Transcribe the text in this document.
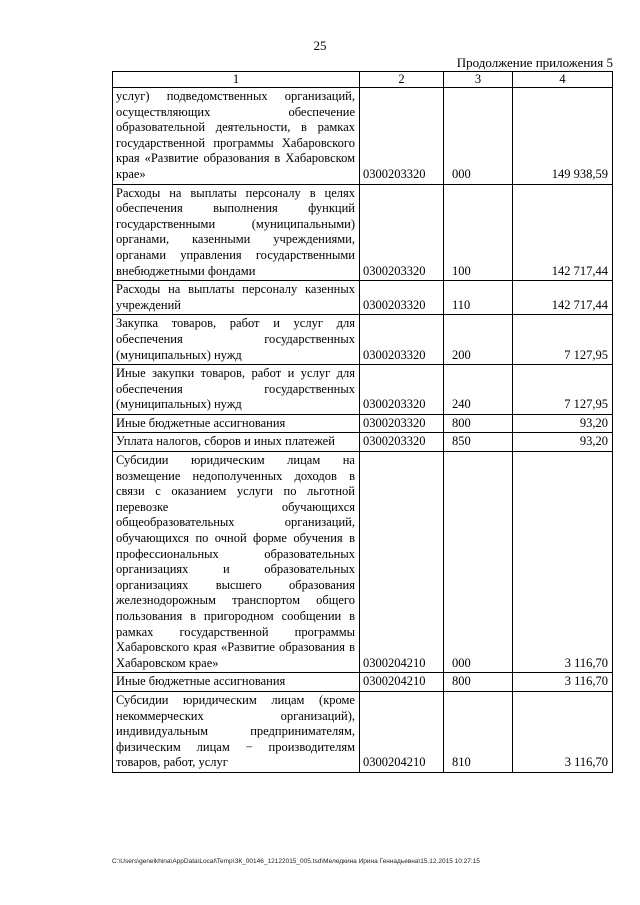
25
Продолжение приложения 5
1	2	3	4
услуг) подведомственных организаций, осуществляющих обеспечение образовательной деятельности, в рамках государственной программы Хабаровского края «Развитие образования в Хабаровском крае»	0300203320	000	149 938,59
Расходы на выплаты персоналу в целях обеспечения выполнения функций государственными (муниципальными) органами, казенными учреждениями, органами управления государственными внебюджетными фондами	0300203320	100	142 717,44
Расходы на выплаты персоналу казенных учреждений	0300203320	110	142 717,44
Закупка товаров, работ и услуг для обеспечения государственных (муниципальных) нужд	0300203320	200	7 127,95
Иные закупки товаров, работ и услуг для обеспечения государственных (муниципальных) нужд	0300203320	240	7 127,95
Иные бюджетные ассигнования	0300203320	800	93,20
Уплата налогов, сборов и иных платежей	0300203320	850	93,20
Субсидии юридическим лицам на возмещение недополученных доходов в связи с оказанием услуги по льготной перевозке обучающихся общеобразовательных организаций, обучающихся по очной форме обучения в профессиональных образовательных организациях и образовательных организациях высшего образования железнодорожным транспортом общего пользования в пригородном сообщении в рамках государственной программы Хабаровского края «Развитие образования в Хабаровском крае»	0300204210	000	3 116,70
Иные бюджетные ассигнования	0300204210	800	3 116,70
Субсидии юридическим лицам (кроме некоммерческих организаций), индивидуальным предпринимателям, физическим лицам − производителям товаров, работ, услуг	0300204210	810	3 116,70
C:\Users\genelkhina\AppData\Local\Temp\ЗК_00146_12122015_005.tsd\Меледкина Ирина Геннадьевна\15.12.2015 10:27:15
